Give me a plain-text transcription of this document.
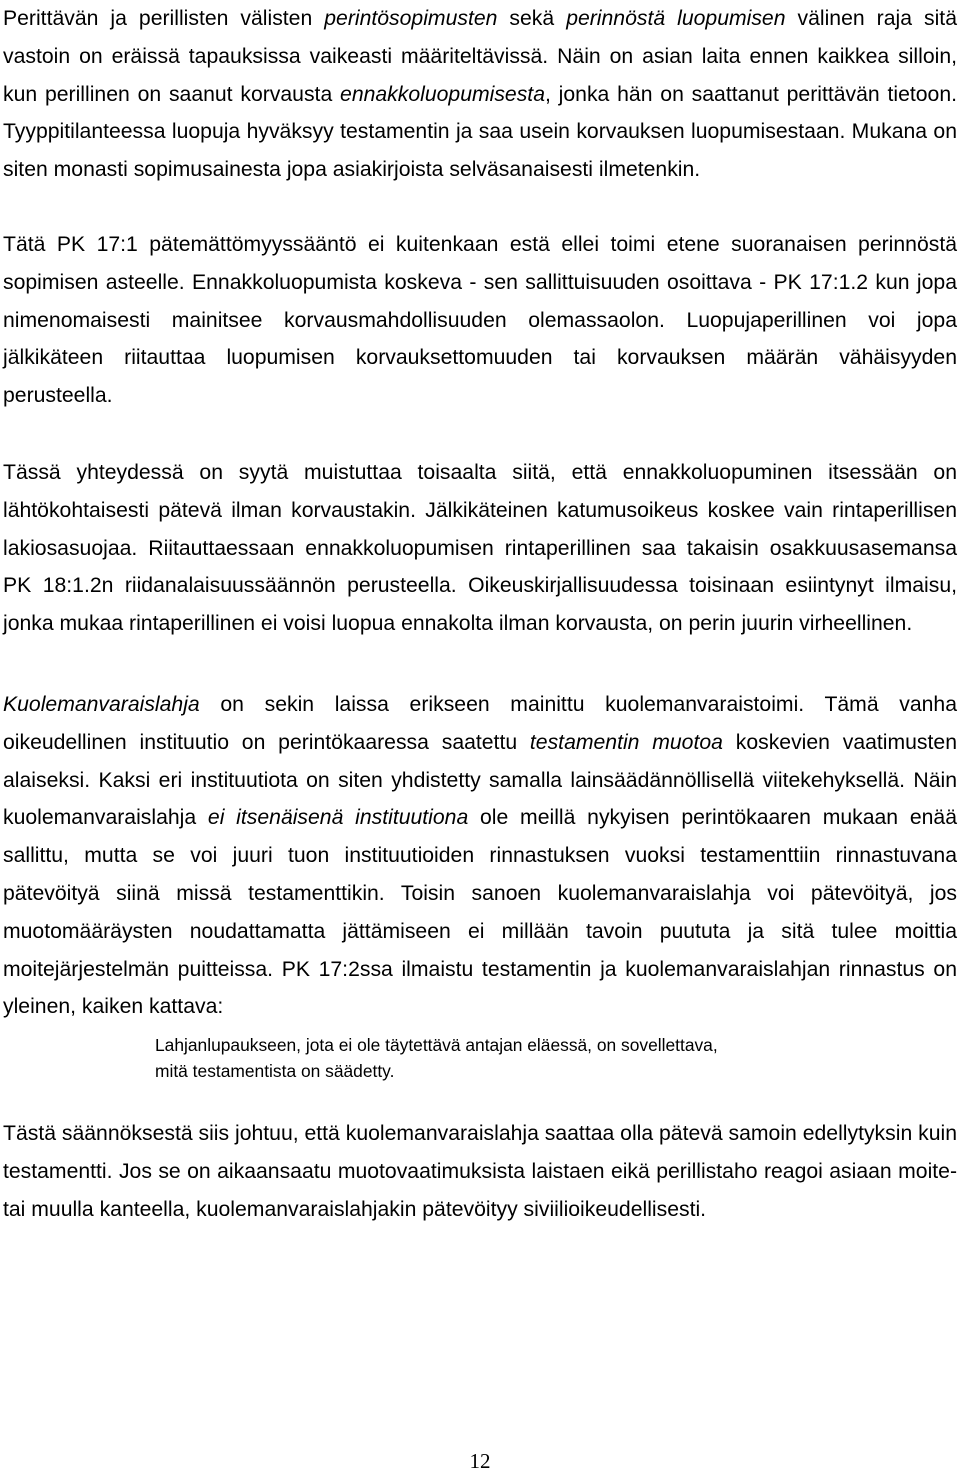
Perittävän ja perillisten välisten perintösopimusten sekä perinnöstä luopumisen välinen raja sitä vastoin on eräissä tapauksissa vaikeasti määriteltävissä. Näin on asian laita ennen kaikkea silloin, kun perillinen on saanut korvausta ennakkoluopumisesta, jonka hän on saattanut perittävän tietoon. Tyyppitilanteessa luopuja hyväksyy testamentin ja saa usein korvauksen luopumisestaan. Mukana on siten monasti sopimusainesta jopa asiakirjoista selväsanaisesti ilmetenkin.

Tätä PK 17:1 pätemättömyyssääntö ei kuitenkaan estä ellei toimi etene suoranaisen perinnöstä sopimisen asteelle. Ennakkoluopumista koskeva - sen sallittuisuuden osoittava - PK 17:1.2 kun jopa nimenomaisesti mainitsee korvausmahdollisuuden olemassaolon. Luopujaperillinen voi jopa jälkikäteen riitauttaa luopumisen korvauksettomuuden tai korvauksen määrän vähäisyyden perusteella.

Tässä yhteydessä on syytä muistuttaa toisaalta siitä, että ennakkoluopuminen itsessään on lähtökohtaisesti pätevä ilman korvaustakin. Jälkikäteinen katumusoikeus koskee vain rintaperillisen lakiosasuojaa. Riitauttaessaan ennakkoluopumisen rintaperillinen saa takaisin osakkuusasemansa PK 18:1.2n riidanalaisuussäännön perusteella. Oikeuskirjallisuudessa toisinaan esiintynyt ilmaisu, jonka mukaa rintaperillinen ei voisi luopua ennakolta ilman korvausta, on perin juurin virheellinen.

Kuolemanvaraislahja on sekin laissa erikseen mainittu kuolemanvaraistoimi. Tämä vanha oikeudellinen instituutio on perintökaaressa saatettu testamentin muotoa koskevien vaatimusten alaiseksi. Kaksi eri instituutiota on siten yhdistetty samalla lainsäädännöllisellä viitekehyksellä. Näin kuolemanvaraislahja ei itsenäisenä instituutiona ole meillä nykyisen perintökaaren mukaan enää sallittu, mutta se voi juuri tuon instituutioiden rinnastuksen vuoksi testamenttiin rinnastuvana pätevöityä siinä missä testamenttikin. Toisin sanoen kuolemanvaraislahja voi pätevöityä, jos muotomääräysten noudattamatta jättämiseen ei millään tavoin puututa ja sitä tulee moittia moitejärjestelmän puitteissa. PK 17:2ssa ilmaistu testamentin ja kuolemanvaraislahjan rinnastus on yleinen, kaiken kattava:

Lahjanlupaukseen, jota ei ole täytettävä antajan eläessä, on sovellettava, mitä testamentista on säädetty.

Tästä säännöksestä siis johtuu, että kuolemanvaraislahja saattaa olla pätevä samoin edellytyksin kuin testamentti. Jos se on aikaansaatu muotovaatimuksista laistaen eikä perillistaho reagoi asiaan moite- tai muulla kanteella, kuolemanvaraislahjakin pätevöityy siviilioikeudellisesti.

12
